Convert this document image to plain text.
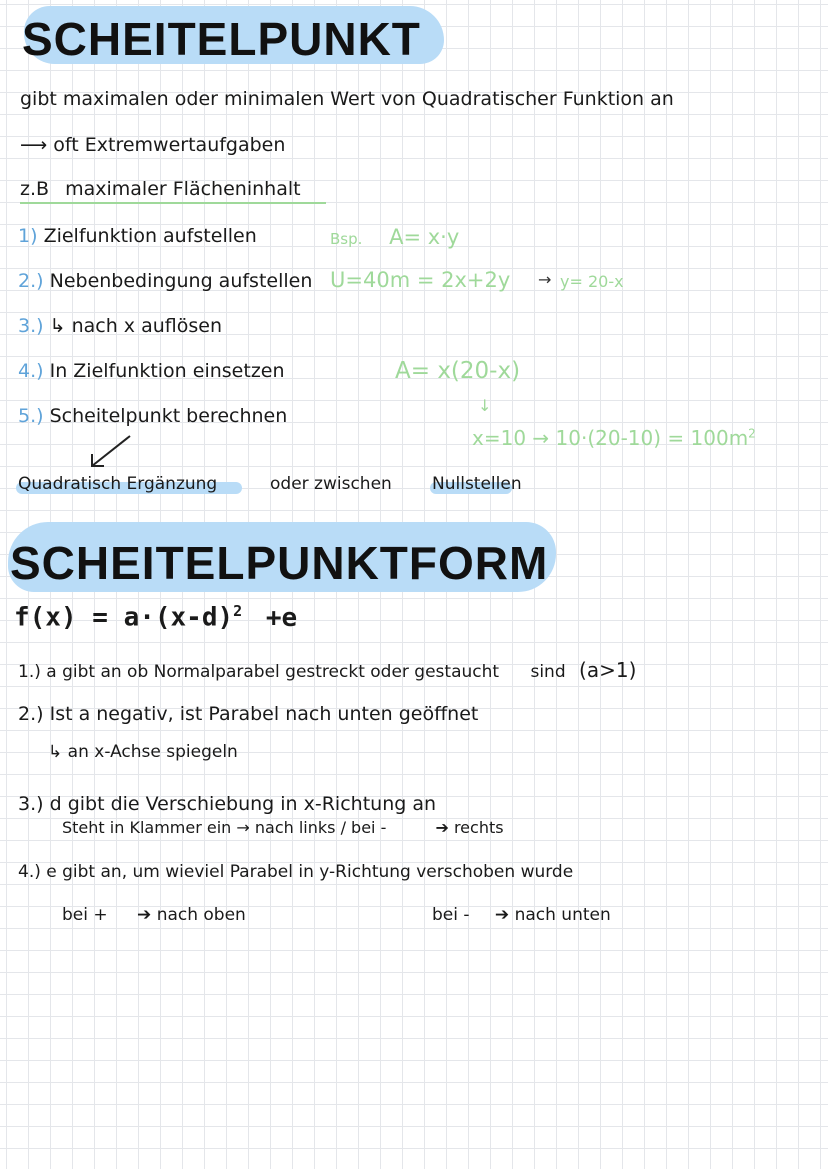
SCHEITELPUNKT
gibt maximalen oder minimalen Wert von Quadratischer Funktion an
⟶ oft Extremwertaufgaben
z.B maximaler Flächeninhalt
1) Zielfunktion aufstellen
2.) Nebenbedingung aufstellen
3.) ↳ nach x auflösen
4.) In Zielfunktion einsetzen
5.) Scheitelpunkt berechnen
Bsp. A= x·y
U=40m = 2x+2y → y= 20-x
A= x(20-x)
↓
$x=10 \to 10\cdot(20-10) = 100m^2$
Quadratisch Ergänzung	oder zwischen Nullstellen
SCHEITELPUNKTFORM
$f(x) = a\cdot(x-d)^2 +e$
1.) a gibt an ob Normalparabel gestreckt oder gestaucht sind (a>1)
2.) Ist a negativ, ist Parabel nach unten geöffnet
↳ an x-Achse spiegeln
3.) d gibt die Verschiebung in x-Richtung an
Steht in Klammer ein → nach links / bei -	➔ rechts
4.) e gibt an, um wieviel Parabel in y-Richtung verschoben wurde
bei + ➔ nach oben	bei - ➔ nach unten
